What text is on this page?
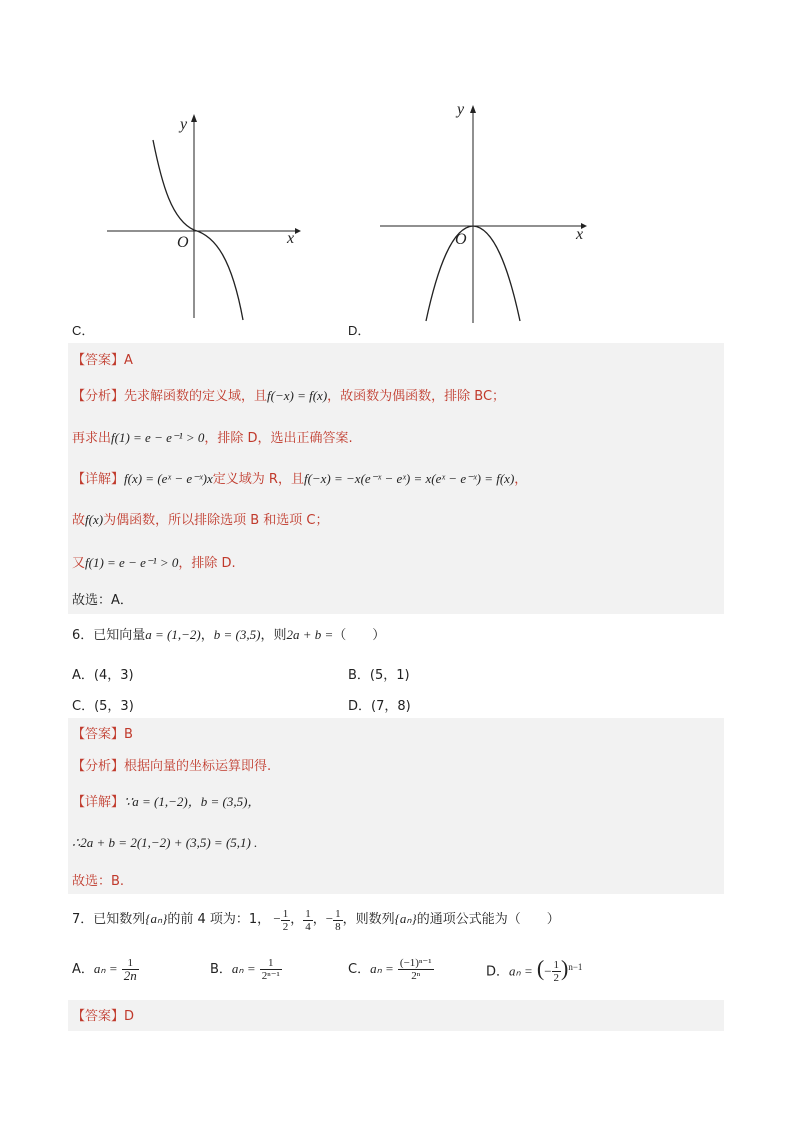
y
x
O
C．
y
x
O
D．
【答案】A
【分析】先求解函数的定义域，且f(−x) = f(x)，故函数为偶函数，排除 BC；
再求出f(1) = e − e⁻¹ > 0，排除 D，选出正确答案.
【详解】f(x) = (eˣ − e⁻ˣ)x定义域为 R，且f(−x) = −x(e⁻ˣ − eˣ) = x(eˣ − e⁻ˣ) = f(x)，
故f(x)为偶函数，所以排除选项 B 和选项 C；
又f(1) = e − e⁻¹ > 0，排除 D.
故选：A．
6．已知向量a = (1,−2)，b = (3,5)，则2a + b =（　　）
A．(4，3)	B．(5，1)
C．(5，3)	D．(7，8)
【答案】B
【分析】根据向量的坐标运算即得.
【详解】∵a = (1,−2)，b = (3,5)，
∴2a + b = 2(1,−2) + (3,5) = (5,1) .
故选：B.
7．已知数列{aₙ}的前 4 项为：1， − $\frac{1}{2}$ ， $\frac{1}{4}$ ，− $\frac{1}{8}$ ，则数列{aₙ}的通项公式能为（　　）
A．$a_n = \frac{1}{2n}$	B．$a_n = \frac{1}{\text{2ⁿ⁻¹}}$	C．$a_n = \frac{\text{(−1)ⁿ⁻¹}}{\text{2ⁿ}}$	D．aₙ = (− $\frac{1}{2} )^{n-1}$
【答案】D
